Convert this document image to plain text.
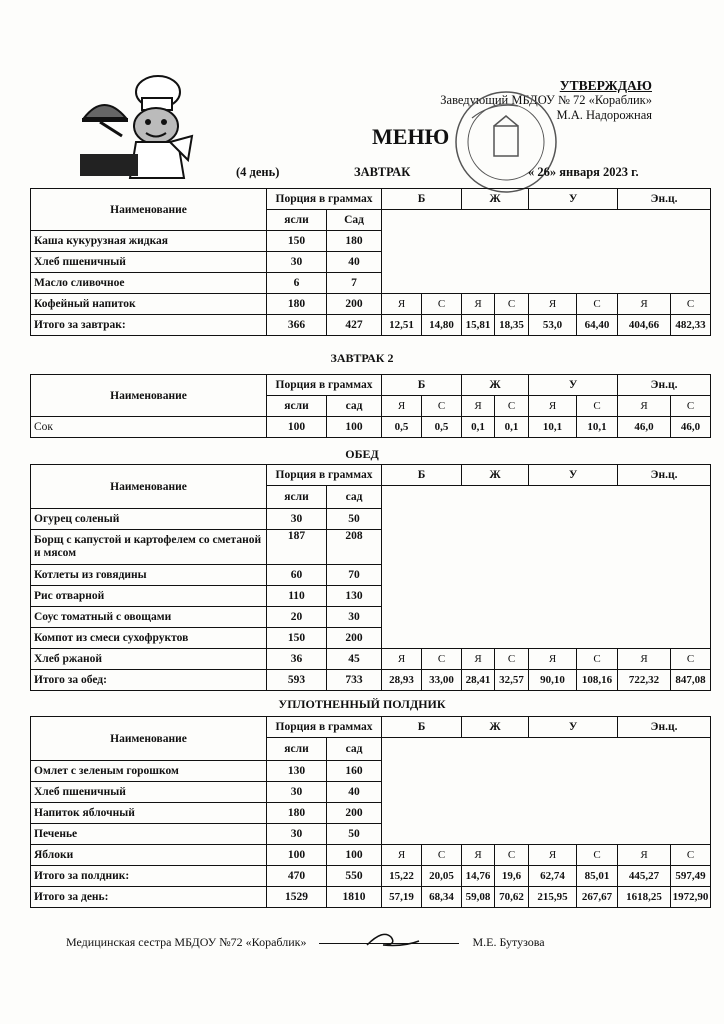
УТВЕРЖДАЮ
Заведующий МБДОУ № 72 «Кораблик»
М.А. Надорожная
МЕНЮ
(4 день)	ЗАВТРАК	« 26» января 2023 г.
Наименование	Порция в граммах		Б		Ж		У		Эн.ц.	
	ясли	Сад								
Каша кукурузная жидкая	150	180								
Хлеб пшеничный	30	40								
Масло сливочное	6	7								
Кофейный напиток	180	200	Я	С	Я	С	Я	С	Я	С
Итого за завтрак:	366	427	12,51	14,80	15,81	18,35	53,0	64,40	404,66	482,33
ЗАВТРАК 2
Наименование	Порция в граммах		Б		Ж		У		Эн.ц.	
	ясли	сад	Я	С	Я	С	Я	С	Я	С
Сок	100	100	0,5	0,5	0,1	0,1	10,1	10,1	46,0	46,0
ОБЕД
Наименование	Порция в граммах		Б		Ж		У		Эн.ц.	
	ясли	сад								
Огурец соленый	30	50								
Борщ с капустой и картофелем со сметаной и мясом	187	208								
Котлеты из говядины	60	70								
Рис отварной	110	130								
Соус томатный с овощами	20	30								
Компот из смеси сухофруктов	150	200								
Хлеб ржаной	36	45	Я	С	Я	С	Я	С	Я	С
Итого за обед:	593	733	28,93	33,00	28,41	32,57	90,10	108,16	722,32	847,08
УПЛОТНЕННЫЙ ПОЛДНИК
Наименование	Порция в граммах		Б		Ж		У		Эн.ц.	
	ясли	сад								
Омлет с зеленым горошком	130	160								
Хлеб пшеничный	30	40								
Напиток яблочный	180	200								
Печенье	30	50								
Яблоки	100	100	Я	С	Я	С	Я	С	Я	С
Итого за полдник:	470	550	15,22	20,05	14,76	19,6	62,74	85,01	445,27	597,49
Итого за день:	1529	1810	57,19	68,34	59,08	70,62	215,95	267,67	1618,25	1972,90
Медицинская сестра МБДОУ №72 «Кораблик»	М.Е. Бутузова
